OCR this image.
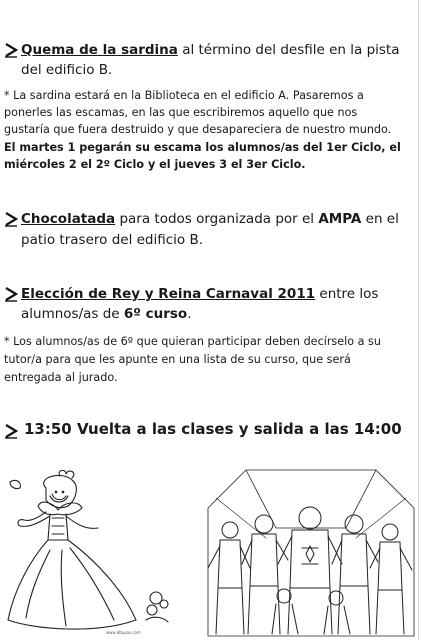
Quema de la sardina al término del desfile en la pista
del edificio B.
* La sardina estará en la Biblioteca en el edificio A. Pasaremos a
ponerles las escamas, en las que escribiremos aquello que nos
gustaría que fuera destruido y que desapareciera de nuestro mundo.
El martes 1 pegarán su escama los alumnos/as del 1er Ciclo, el
miércoles 2 el 2º Ciclo y el jueves 3 el 3er Ciclo.
Chocolatada para todos organizada por el AMPA en el
patio trasero del edificio B.
Elección de Rey y Reina Carnaval 2011 entre los
alumnos/as de 6º curso.
* Los alumnos/as de 6º que quieran participar deben decírselo a su
tutor/a para que les apunte en una lista de su curso, que será
entregada al jurado.
13:50 Vuelta a las clases y salida a las 14:00
www.dibujos.com
